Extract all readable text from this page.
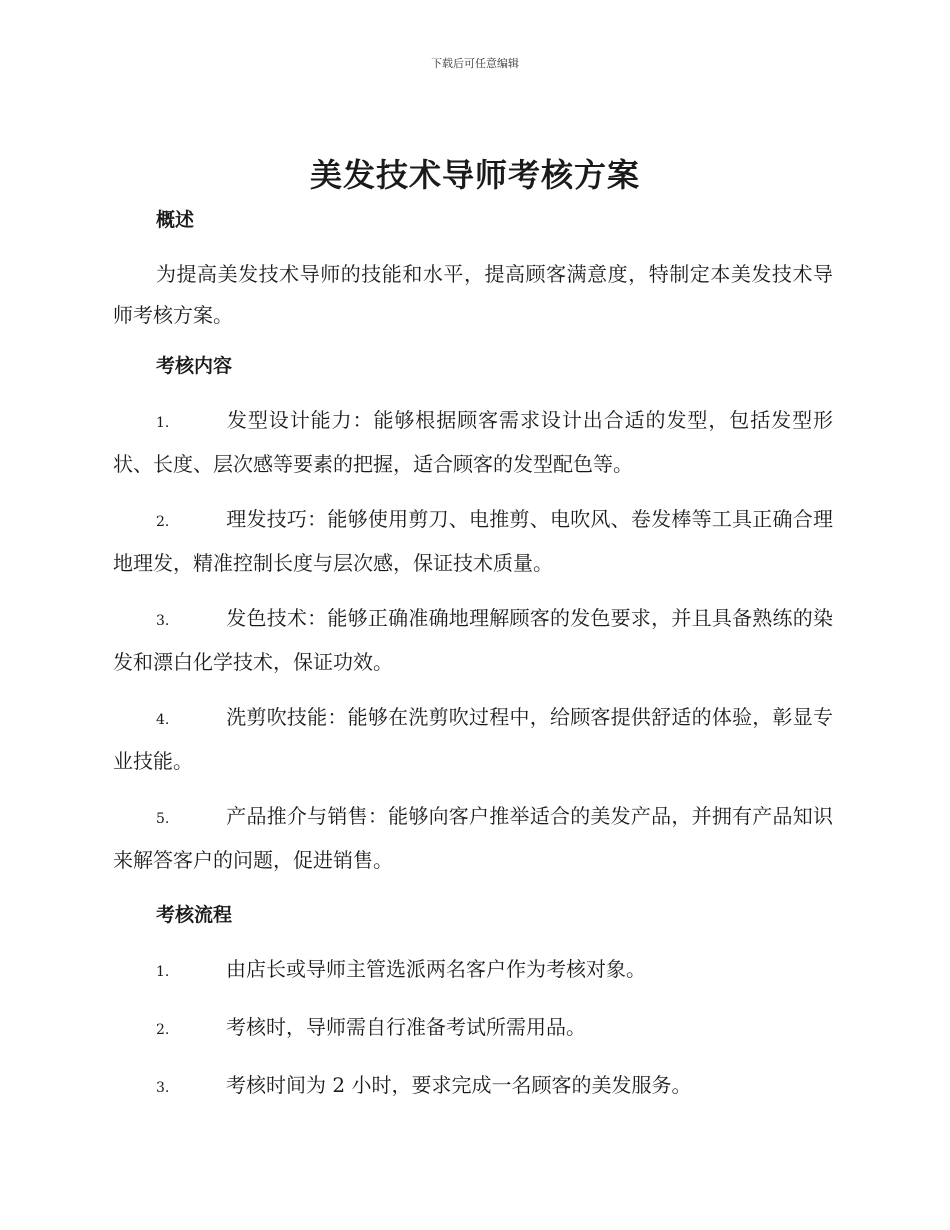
下载后可任意编辑
美发技术导师考核方案
概述

为提高美发技术导师的技能和水平，提高顾客满意度，特制定本美发技术导师考核方案。

考核内容

1.	发型设计能力：能够根据顾客需求设计出合适的发型，包括发型形状、长度、层次感等要素的把握，适合顾客的发型配色等。

2.	理发技巧：能够使用剪刀、电推剪、电吹风、卷发棒等工具正确合理地理发，精准控制长度与层次感，保证技术质量。

3.	发色技术：能够正确准确地理解顾客的发色要求，并且具备熟练的染发和漂白化学技术，保证功效。

4.	洗剪吹技能：能够在洗剪吹过程中，给顾客提供舒适的体验，彰显专业技能。

5.	产品推介与销售：能够向客户推举适合的美发产品，并拥有产品知识来解答客户的问题，促进销售。

考核流程

1.	由店长或导师主管选派两名客户作为考核对象。

2.	考核时，导师需自行准备考试所需用品。

3.	考核时间为 2 小时，要求完成一名顾客的美发服务。
